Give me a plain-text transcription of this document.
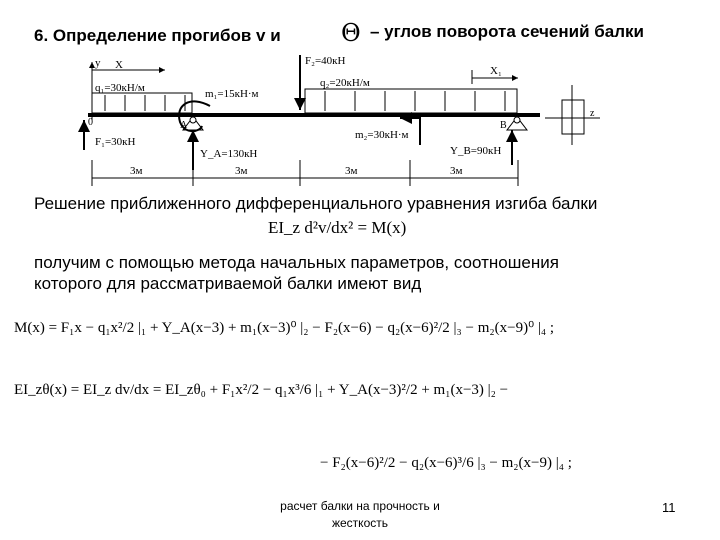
6. Определение прогибов v и	Θ – углов поворота сечений балки
y X	X₁
q₁=30кН/м
F₂=40кН
q₂=20кН/м
m₁=15кН·м
m₂=30кН·м
0	A	B
F₁=30кН
Y_A=130кН	Y_B=90кН
z
3м	3м	3м	3м
Решение приближенного дифференциального уравнения изгиба балки
EI_z d²v/dx² = M(x)
получим с помощью метода начальных параметров, соотношения
которого для рассматриваемой балки имеют вид
M(x) = F₁x − q₁x²/2 |₁ + Y_A(x−3) + m₁(x−3)⁰ |₂ − F₂(x−6) − q₂(x−6)²/2 |₃ − m₂(x−9)⁰ |₄ ;
EI_zθ(x) = EI_z dv/dx = EI_zθ₀ + F₁x²/2 − q₁x³/6 |₁ + Y_A(x−3)²/2 + m₁(x−3) |₂ −
− F₂(x−6)²/2 − q₂(x−6)³/6 |₃ − m₂(x−9) |₄ ;
расчет балки на прочность и
жесткость
11
